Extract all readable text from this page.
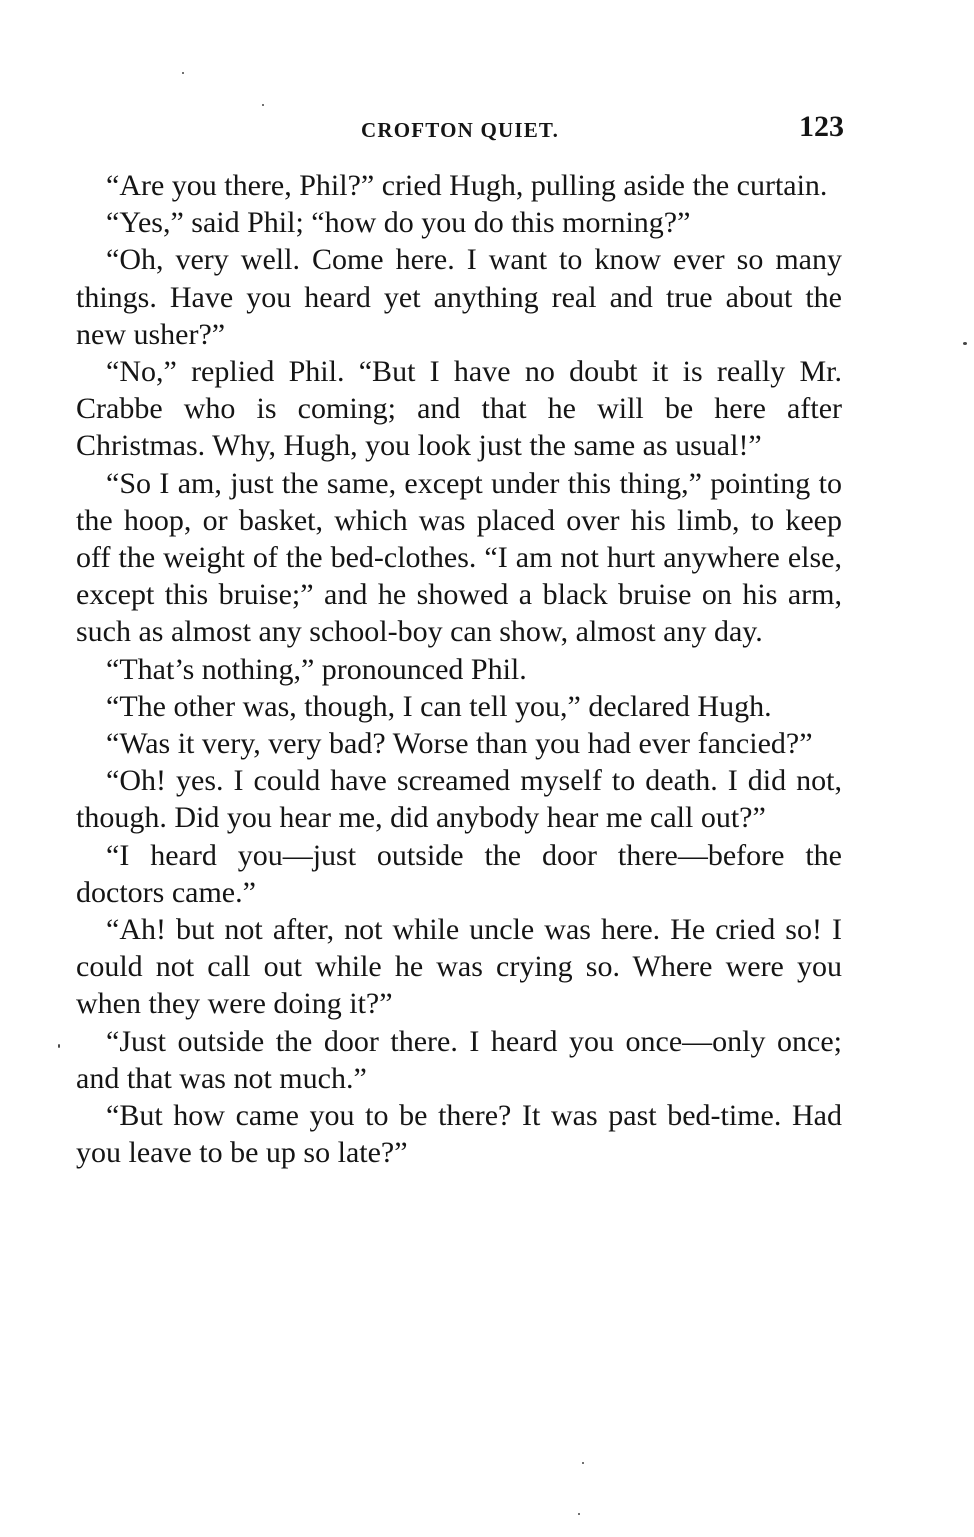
CROFTON QUIET.	123

“Are you there, Phil?” cried Hugh, pulling aside the curtain.

“Yes,” said Phil; “how do you do this morning?”

“Oh, very well. Come here. I want to know ever so many things. Have you heard yet anything real and true about the new usher?”

“No,” replied Phil. “But I have no doubt it is really Mr. Crabbe who is coming; and that he will be here after Christmas. Why, Hugh, you look just the same as usual!”

“So I am, just the same, except under this thing,” pointing to the hoop, or basket, which was placed over his limb, to keep off the weight of the bed-clothes. “I am not hurt anywhere else, except this bruise;” and he showed a black bruise on his arm, such as almost any school-boy can show, almost any day.

“That’s nothing,” pronounced Phil.

“The other was, though, I can tell you,” declared Hugh.

“Was it very, very bad? Worse than you had ever fancied?”

“Oh! yes. I could have screamed myself to death. I did not, though. Did you hear me, did anybody hear me call out?”

“I heard you—just outside the door there—before the doctors came.”

“Ah! but not after, not while uncle was here. He cried so! I could not call out while he was crying so. Where were you when they were doing it?”

“Just outside the door there. I heard you once—only once; and that was not much.”

“But how came you to be there? It was past bed-time. Had you leave to be up so late?”
